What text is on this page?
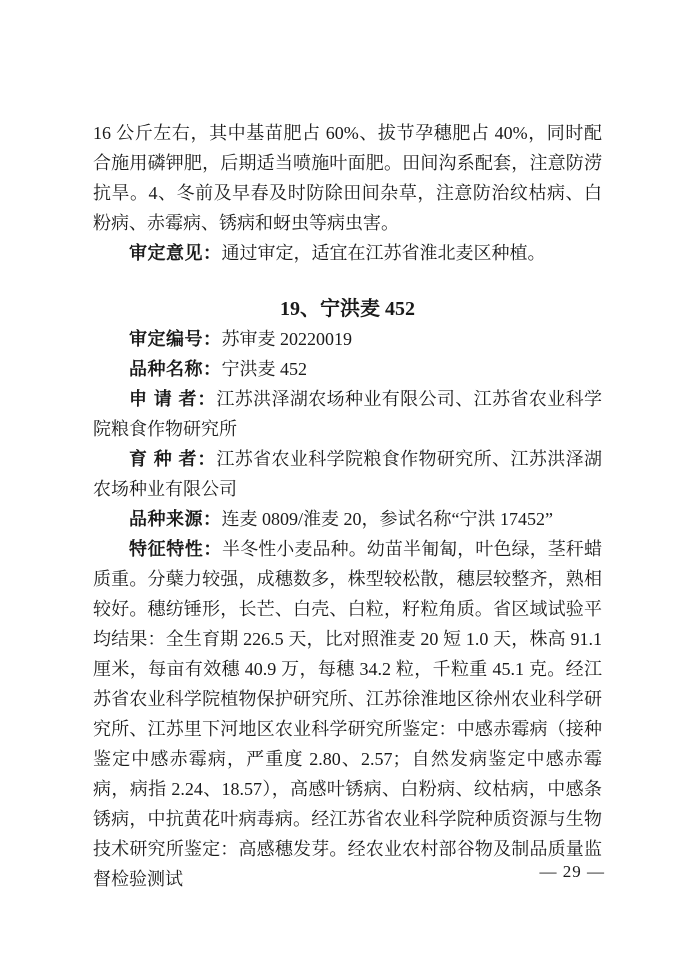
16 公斤左右，其中基苗肥占 60%、拔节孕穗肥占 40%，同时配合施用磷钾肥，后期适当喷施叶面肥。田间沟系配套，注意防涝抗旱。4、冬前及早春及时防除田间杂草，注意防治纹枯病、白粉病、赤霉病、锈病和蚜虫等病虫害。

审定意见：通过审定，适宜在江苏省淮北麦区种植。

19、宁洪麦 452

审定编号：苏审麦 20220019

品种名称：宁洪麦 452

申 请 者：江苏洪泽湖农场种业有限公司、江苏省农业科学院粮食作物研究所

育 种 者：江苏省农业科学院粮食作物研究所、江苏洪泽湖农场种业有限公司

品种来源：连麦 0809/淮麦 20，参试名称“宁洪 17452”

特征特性：半冬性小麦品种。幼苗半匍匐，叶色绿，茎秆蜡质重。分蘖力较强，成穗数多，株型较松散，穗层较整齐，熟相较好。穗纺锤形，长芒、白壳、白粒，籽粒角质。省区域试验平均结果：全生育期 226.5 天，比对照淮麦 20 短 1.0 天，株高 91.1 厘米，每亩有效穗 40.9 万，每穗 34.2 粒，千粒重 45.1 克。经江苏省农业科学院植物保护研究所、江苏徐淮地区徐州农业科学研究所、江苏里下河地区农业科学研究所鉴定：中感赤霉病（接种鉴定中感赤霉病，严重度 2.80、2.57；自然发病鉴定中感赤霉病，病指 2.24、18.57），高感叶锈病、白粉病、纹枯病，中感条锈病，中抗黄花叶病毒病。经江苏省农业科学院种质资源与生物技术研究所鉴定：高感穗发芽。经农业农村部谷物及制品质量监督检验测试	— 29 —
